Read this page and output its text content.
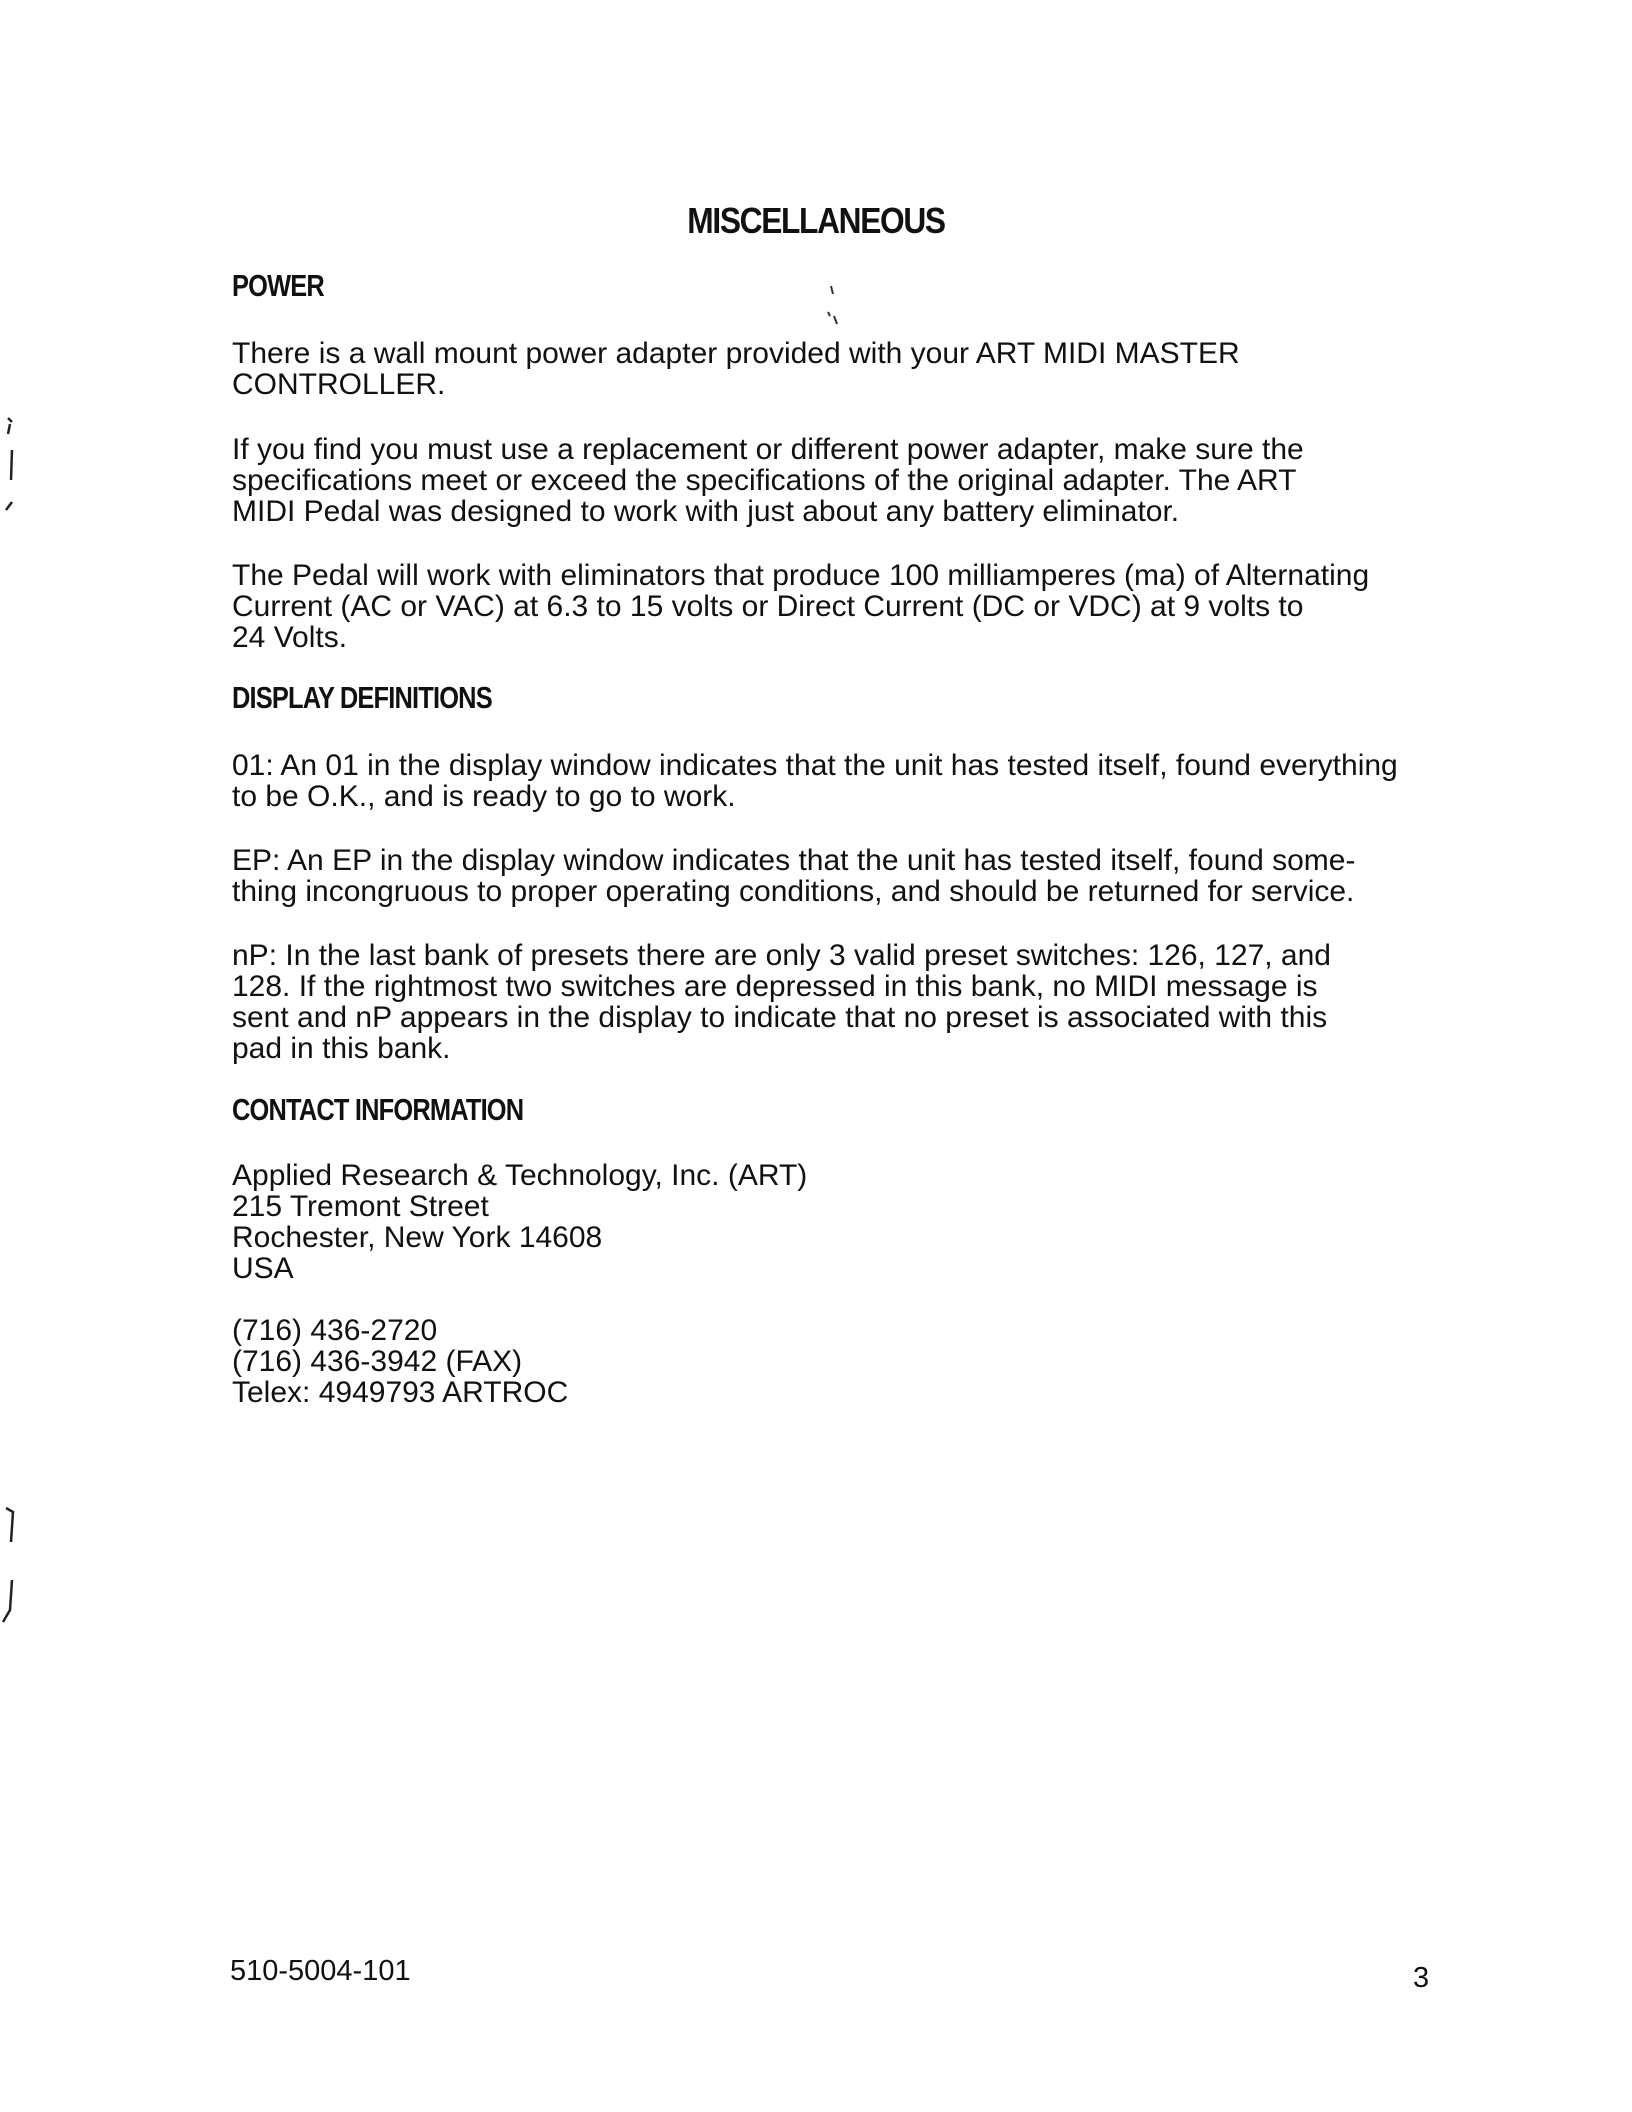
MISCELLANEOUS
POWER
There is a wall mount power adapter provided with your ART MIDI MASTER
CONTROLLER.
If you find you must use a replacement or different power adapter, make sure the
specifications meet or exceed the specifications of the original adapter. The ART
MIDI Pedal was designed to work with just about any battery eliminator.
The Pedal will work with eliminators that produce 100 milliamperes (ma) of Alternating
Current (AC or VAC) at 6.3 to 15 volts or Direct Current (DC or VDC) at 9 volts to
24 Volts.
DISPLAY DEFINITIONS
01: An 01 in the display window indicates that the unit has tested itself, found everything
to be O.K., and is ready to go to work.
EP: An EP in the display window indicates that the unit has tested itself, found some-
thing incongruous to proper operating conditions, and should be returned for service.
nP: In the last bank of presets there are only 3 valid preset switches: 126, 127, and
128. If the rightmost two switches are depressed in this bank, no MIDI message is
sent and nP appears in the display to indicate that no preset is associated with this
pad in this bank.
CONTACT INFORMATION
Applied Research & Technology, Inc. (ART)
215 Tremont Street
Rochester, New York 14608
USA
(716) 436-2720
(716) 436-3942 (FAX)
Telex: 4949793 ARTROC
510-5004-101	3
